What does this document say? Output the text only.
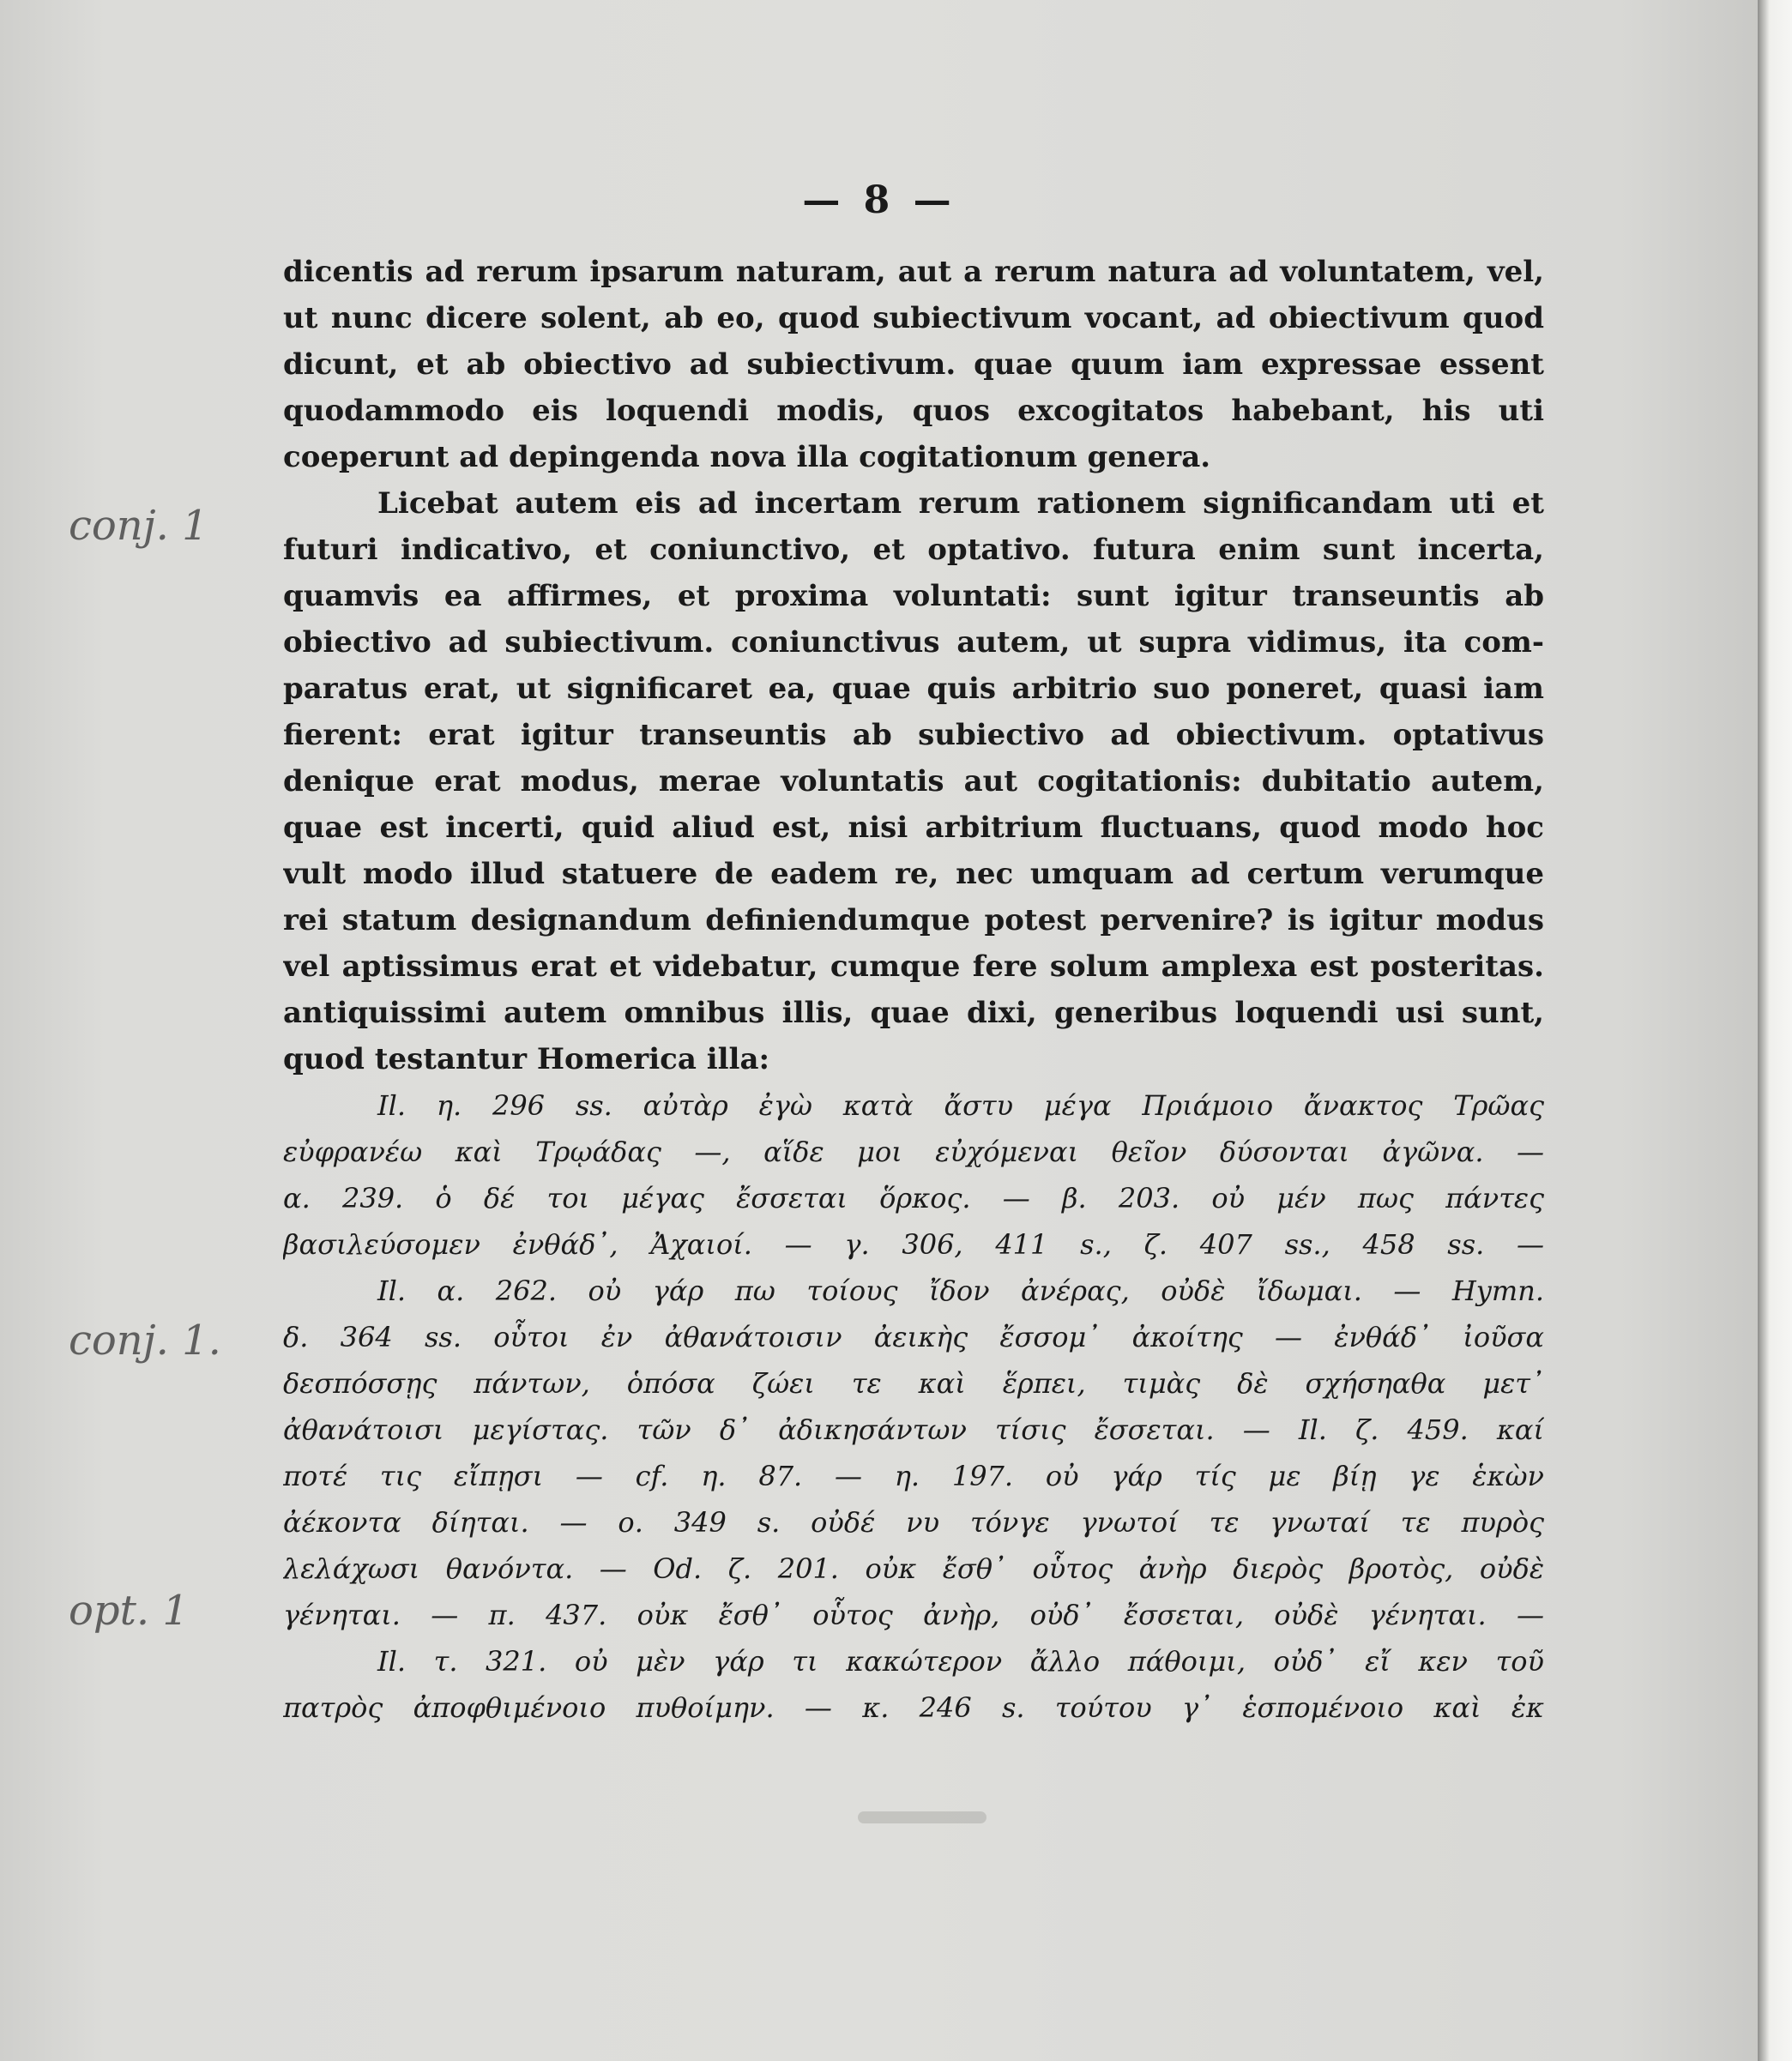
— 8 —
conj. 1
conj. 1.
opt. 1
dicentis ad rerum ipsarum naturam, aut a rerum natura ad voluntatem, vel,
ut nunc dicere solent, ab eo, quod subiectivum vocant, ad obiectivum quod
dicunt, et ab obiectivo ad subiectivum. quae quum iam expressae essent
quodammodo eis loquendi modis, quos excogitatos habebant, his uti
coeperunt ad depingenda nova illa cogitationum genera.
Licebat autem eis ad incertam rerum rationem significandam uti et
futuri indicativo, et coniunctivo, et optativo. futura enim sunt incerta,
quamvis ea affirmes, et proxima voluntati: sunt igitur transeuntis ab
obiectivo ad subiectivum. coniunctivus autem, ut supra vidimus, ita com-
paratus erat, ut significaret ea, quae quis arbitrio suo poneret, quasi iam
fierent: erat igitur transeuntis ab subiectivo ad obiectivum. optativus
denique erat modus, merae voluntatis aut cogitationis: dubitatio autem,
quae est incerti, quid aliud est, nisi arbitrium fluctuans, quod modo hoc
vult modo illud statuere de eadem re, nec umquam ad certum verumque
rei statum designandum definiendumque potest pervenire? is igitur modus
vel aptissimus erat et videbatur, cumque fere solum amplexa est posteritas.
antiquissimi autem omnibus illis, quae dixi, generibus loquendi usi sunt,
quod testantur Homerica illa:
Il. η. 296 ss. αὐτὰρ ἐγὼ κατὰ ἄστυ μέγα Πριάμοιο ἄνακτος Τρῶας
εὐφρανέω καὶ Τρῳάδας —, αἵδε μοι εὐχόμεναι θεῖον δύσονται ἀγῶνα. —
α. 239. ὁ δέ τοι μέγας ἔσσεται ὅρκος. — β. 203. οὐ μέν πως πάντες
βασιλεύσομεν ἐνθάδ᾽, Ἀχαιοί. — γ. 306, 411 s., ζ. 407 ss., 458 ss. —
Il. α. 262. οὐ γάρ πω τοίους ἴδον ἀνέρας, οὐδὲ ἴδωμαι. — Hymn.
δ. 364 ss. οὗτοι ἐν ἀθανάτοισιν ἀεικὴς ἔσσομ᾽ ἀκοίτης — ἐνθάδ᾽ ἰοῦσα
δεσπόσσῃς πάντων, ὁπόσα ζώει τε καὶ ἕρπει, τιμὰς δὲ σχήσηαθα μετ᾽
ἀθανάτοισι μεγίστας. τῶν δ᾽ ἀδικησάντων τίσις ἔσσεται. — Il. ζ. 459. καί
ποτέ τις εἴπῃσι — cf. η. 87. — η. 197. οὐ γάρ τίς με βίῃ γε ἑκὼν
ἀέκοντα δίηται. — ο. 349 s. οὐδέ νυ τόνγε γνωτοί τε γνωταί τε πυρὸς
λελάχωσι θανόντα. — Od. ζ. 201. οὐκ ἔσθ᾽ οὗτος ἀνὴρ διερὸς βροτὸς, οὐδὲ
γένηται. — π. 437. οὐκ ἔσθ᾽ οὗτος ἀνὴρ, οὐδ᾽ ἔσσεται, οὐδὲ γένηται. —
Il. τ. 321. οὐ μὲν γάρ τι κακώτερον ἄλλο πάθοιμι, οὐδ᾽ εἴ κεν τοῦ
πατρὸς ἀποφθιμένοιο πυθοίμην. — κ. 246 s. τούτου γ᾽ ἑσπομένοιο καὶ ἐκ
